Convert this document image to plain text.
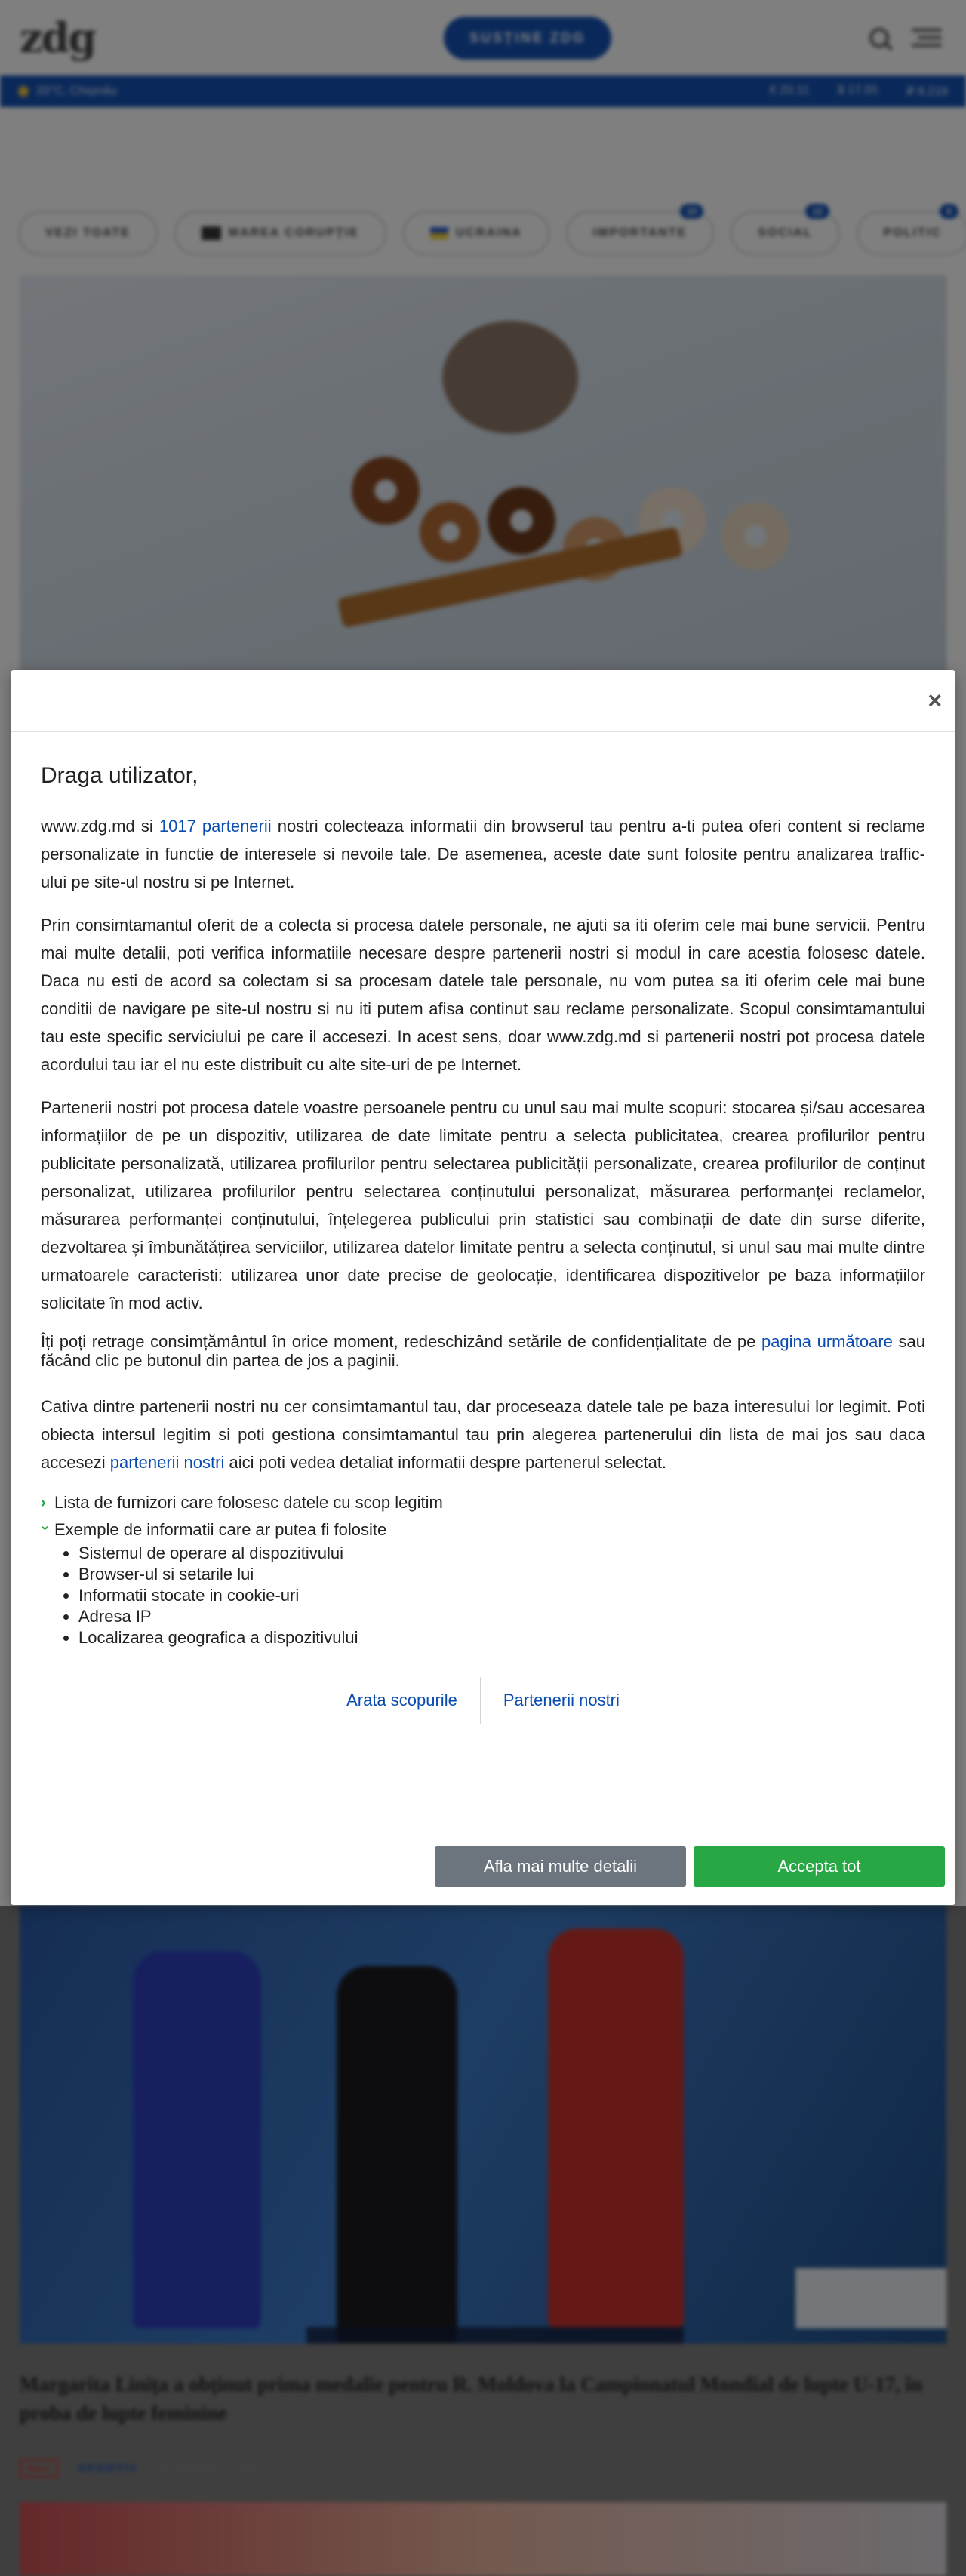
×
Draga utilizator,

www.zdg.md si 1017 partenerii nostri colecteaza informatii din browserul tau pentru a-ti putea oferi content si reclame personalizate in functie de interesele si nevoile tale. De asemenea, aceste date sunt folosite pentru analizarea traffic-ului pe site-ul nostru si pe Internet.

Prin consimtamantul oferit de a colecta si procesa datele personale, ne ajuti sa iti oferim cele mai bune servicii. Pentru mai multe detalii, poti verifica informatiile necesare despre partenerii nostri si modul in care acestia folosesc datele. Daca nu esti de acord sa colectam si sa procesam datele tale personale, nu vom putea sa iti oferim cele mai bune conditii de navigare pe site-ul nostru si nu iti putem afisa continut sau reclame personalizate. Scopul consimtamantului tau este specific serviciului pe care il accesezi. In acest sens, doar www.zdg.md si partenerii nostri pot procesa datele acordului tau iar el nu este distribuit cu alte site-uri de pe Internet.

Partenerii nostri pot procesa datele voastre persoanele pentru cu unul sau mai multe scopuri: stocarea și/sau accesarea informațiilor de pe un dispozitiv, utilizarea de date limitate pentru a selecta publicitatea, crearea profilurilor pentru publicitate personalizată, utilizarea profilurilor pentru selectarea publicității personalizate, crearea profilurilor de conținut personalizat, utilizarea profilurilor pentru selectarea conținutului personalizat, măsurarea performanței reclamelor, măsurarea performanței conținutului, înțelegerea publicului prin statistici sau combinații de date din surse diferite, dezvoltarea și îmbunătățirea serviciilor, utilizarea datelor limitate pentru a selecta conținutul, si unul sau mai multe dintre urmatoarele caracteristi: utilizarea unor date precise de geolocație, identificarea dispozitivelor pe baza informațiilor solicitate în mod activ.

Îți poți retrage consimțământul în orice moment, redeschizând setările de confidențialitate de pe pagina următoare sau făcând clic pe butonul din partea de jos a paginii.

Cativa dintre partenerii nostri nu cer consimtamantul tau, dar proceseaza datele tale pe baza interesului lor legimit. Poti obiecta intersul legitim si poti gestiona consimtamantul tau prin alegerea partenerului din lista de mai jos sau daca accesezi partenerii nostri aici poti vedea detaliat informatii despre partenerul selectat.

› Lista de furnizori care folosesc datele cu scop legitim
› Exemple de informatii care ar putea fi folosite
• Sistemul de operare al dispozitivului
• Browser-ul si setarile lui
• Informatii stocate in cookie-uri
• Adresa IP
• Localizarea geografica a dispozitivului
Arata scopurile	Partenerii nostri
Afla mai multe detalii	Accepta tot
